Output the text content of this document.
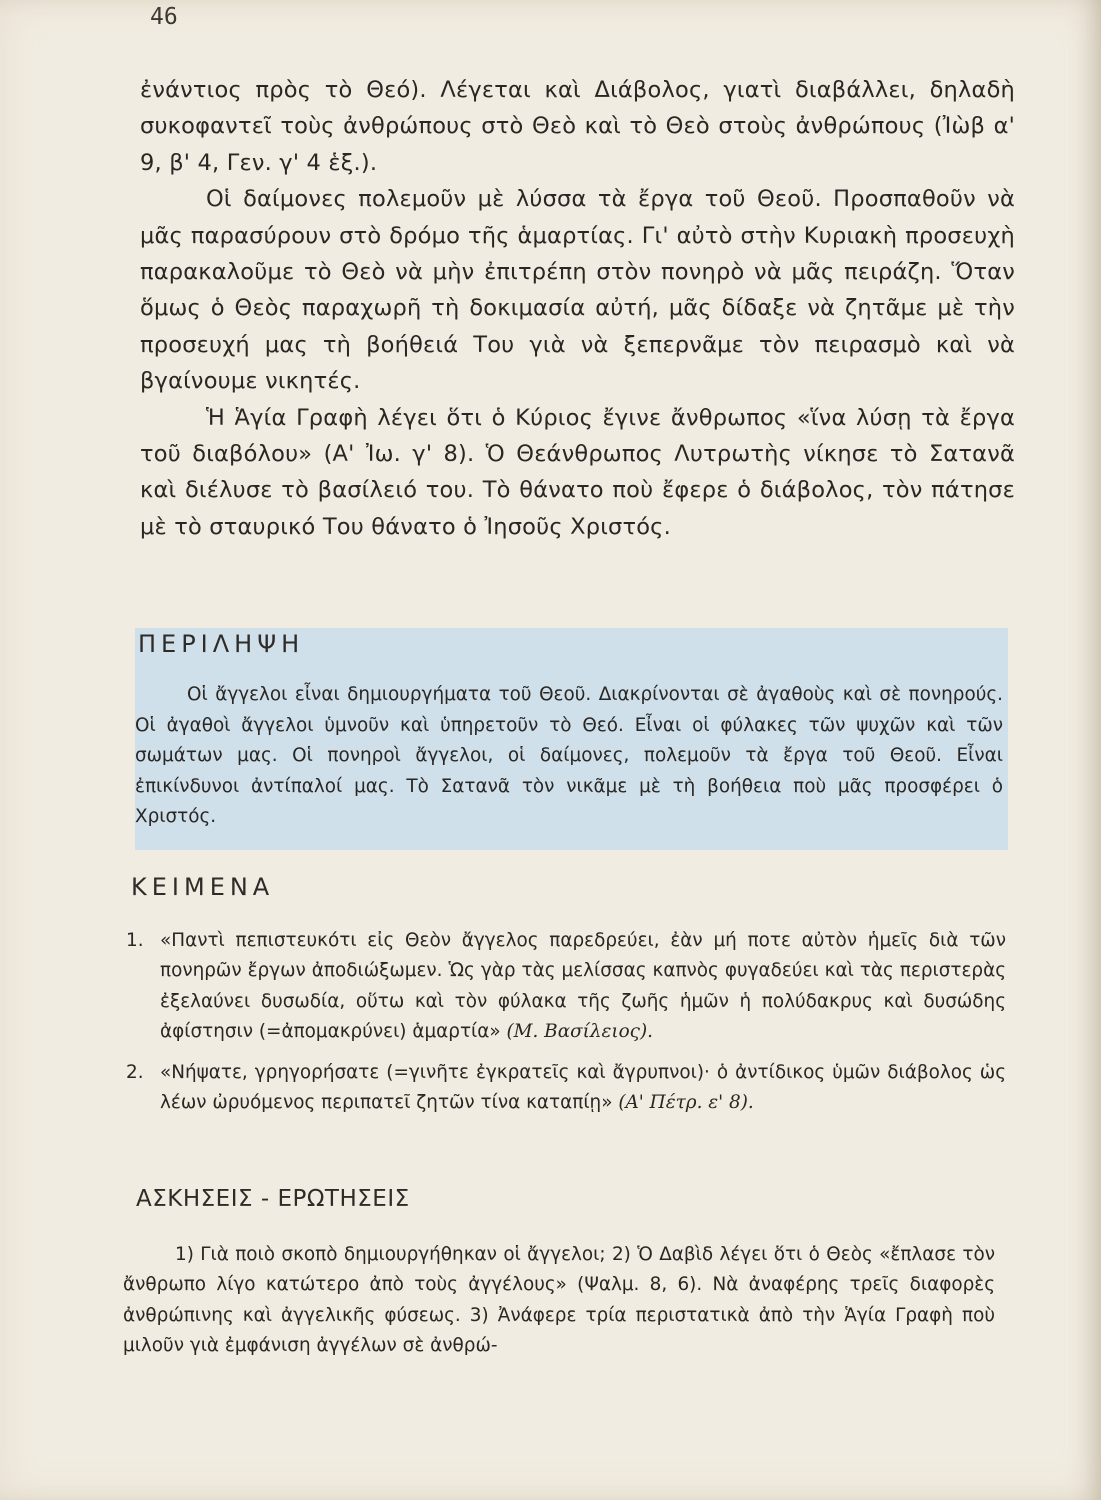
46

ἐνάντιος πρὸς τὸ Θεό). Λέγεται καὶ Διάβολος, γιατὶ διαβάλλει, δηλαδὴ συκοφαντεῖ τοὺς ἀνθρώπους στὸ Θεὸ καὶ τὸ Θεὸ στοὺς ἀνθρώπους (Ἰὼβ α' 9, β' 4, Γεν. γ' 4 ἑξ.).

Οἱ δαίμονες πολεμοῦν μὲ λύσσα τὰ ἔργα τοῦ Θεοῦ. Προσπαθοῦν νὰ μᾶς παρασύρουν στὸ δρόμο τῆς ἁμαρτίας. Γι' αὐτὸ στὴν Κυριακὴ προσευχὴ παρακαλοῦμε τὸ Θεὸ νὰ μὴν ἐπιτρέπη στὸν πονηρὸ νὰ μᾶς πειράζη. Ὅταν ὅμως ὁ Θεὸς παραχωρῆ τὴ δοκιμασία αὐτή, μᾶς δίδαξε νὰ ζητᾶμε μὲ τὴν προσευχή μας τὴ βοήθειά Του γιὰ νὰ ξεπερνᾶμε τὸν πειρασμὸ καὶ νὰ βγαίνουμε νικητές.

Ἡ Ἁγία Γραφὴ λέγει ὅτι ὁ Κύριος ἔγινε ἄνθρωπος «ἵνα λύσῃ τὰ ἔργα τοῦ διαβόλου» (Α' Ἰω. γ' 8). Ὁ Θεάνθρωπος Λυτρωτὴς νίκησε τὸ Σατανᾶ καὶ διέλυσε τὸ βασίλειό του. Τὸ θάνατο ποὺ ἔφερε ὁ διάβολος, τὸν πάτησε μὲ τὸ σταυρικό Του θάνατο ὁ Ἰησοῦς Χριστός.

ΠΕΡΙΛΗΨΗ

Οἱ ἄγγελοι εἶναι δημιουργήματα τοῦ Θεοῦ. Διακρίνονται σὲ ἀγαθοὺς καὶ σὲ πονηρούς. Οἱ ἀγαθοὶ ἄγγελοι ὑμνοῦν καὶ ὑπηρετοῦν τὸ Θεό. Εἶναι οἱ φύλακες τῶν ψυχῶν καὶ τῶν σωμάτων μας. Οἱ πονηροὶ ἄγγελοι, οἱ δαίμονες, πολεμοῦν τὰ ἔργα τοῦ Θεοῦ. Εἶναι ἐπικίνδυνοι ἀντίπαλοί μας. Τὸ Σατανᾶ τὸν νικᾶμε μὲ τὴ βοήθεια ποὺ μᾶς προσφέρει ὁ Χριστός.

ΚΕΙΜΕΝΑ
1. «Παντὶ πεπιστευκότι εἰς Θεὸν ἄγγελος παρεδρεύει, ἐὰν μή ποτε αὐτὸν ἡμεῖς διὰ τῶν πονηρῶν ἔργων ἀποδιώξωμεν. Ὡς γὰρ τὰς μελίσσας καπνὸς φυγαδεύει καὶ τὰς περιστερὰς ἐξελαύνει δυσωδία, οὕτω καὶ τὸν φύλακα τῆς ζωῆς ἡμῶν ἡ πολύδακρυς καὶ δυσώδης ἀφίστησιν (=ἀπομακρύνει) ἁμαρτία» (Μ. Βασίλειος).
2. «Νήψατε, γρηγορήσατε (=γινῆτε ἐγκρατεῖς καὶ ἄγρυπνοι)· ὁ ἀντίδικος ὑμῶν διάβολος ὡς λέων ὠρυόμενος περιπατεῖ ζητῶν τίνα καταπίῃ» (Α' Πέτρ. ε' 8).
ΑΣΚΗΣΕΙΣ - ΕΡΩΤΗΣΕΙΣ

1) Γιὰ ποιὸ σκοπὸ δημιουργήθηκαν οἱ ἄγγελοι; 2) Ὁ Δαβὶδ λέγει ὅτι ὁ Θεὸς «ἔπλασε τὸν ἄνθρωπο λίγο κατώτερο ἀπὸ τοὺς ἀγγέλους» (Ψαλμ. 8, 6). Νὰ ἀναφέρης τρεῖς διαφορὲς ἀνθρώπινης καὶ ἀγγελικῆς φύσεως. 3) Ἀνάφερε τρία περιστατικὰ ἀπὸ τὴν Ἁγία Γραφὴ ποὺ μιλοῦν γιὰ ἐμφάνιση ἀγγέλων σὲ ἀνθρώ-
